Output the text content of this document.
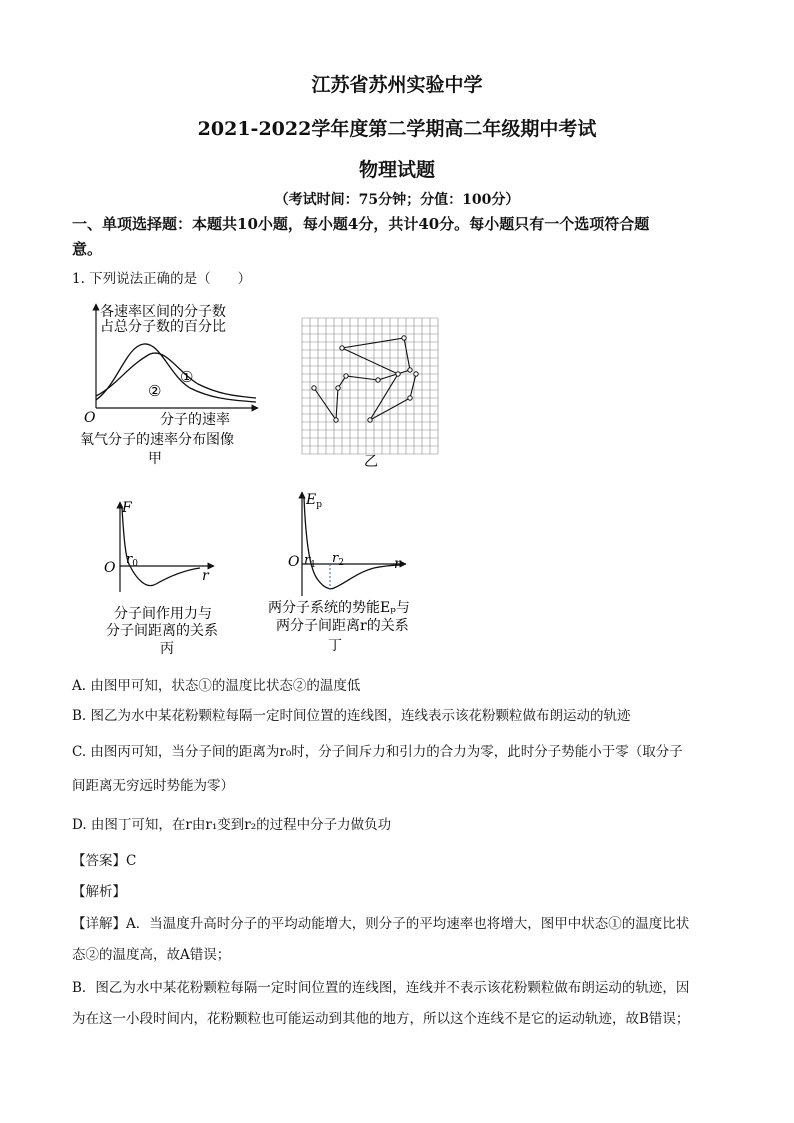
江苏省苏州实验中学
2021-2022学年度第二学期高二年级期中考试
物理试题
（考试时间：75分钟；分值：100分）
一、单项选择题：本题共10小题，每小题4分，共计40分。每小题只有一个选项符合题
意。
1. 下列说法正确的是（　　）
各速率区间的分子数
占总分子数的百分比
①
②
O	分子的速率
氧气分子的速率分布图像
甲	乙
F
O
$r_0$
r
分子间作用力与
分子间距离的关系
丙
$E_p$
O $r_1$ $r_2$	r
两分子系统的势能Eₚ与
两分子间距离r的关系
丁
A. 由图甲可知，状态①的温度比状态②的温度低
B. 图乙为水中某花粉颗粒每隔一定时间位置的连线图，连线表示该花粉颗粒做布朗运动的轨迹
C. 由图丙可知，当分子间的距离为r₀时，分子间斥力和引力的合力为零，此时分子势能小于零（取分子
间距离无穷远时势能为零）
D. 由图丁可知，在r由r₁变到r₂的过程中分子力做负功
【答案】C
【解析】
【详解】A．当温度升高时分子的平均动能增大，则分子的平均速率也将增大，图甲中状态①的温度比状
态②的温度高，故A错误；
B．图乙为水中某花粉颗粒每隔一定时间位置的连线图，连线并不表示该花粉颗粒做布朗运动的轨迹，因
为在这一小段时间内，花粉颗粒也可能运动到其他的地方，所以这个连线不是它的运动轨迹，故B错误；
